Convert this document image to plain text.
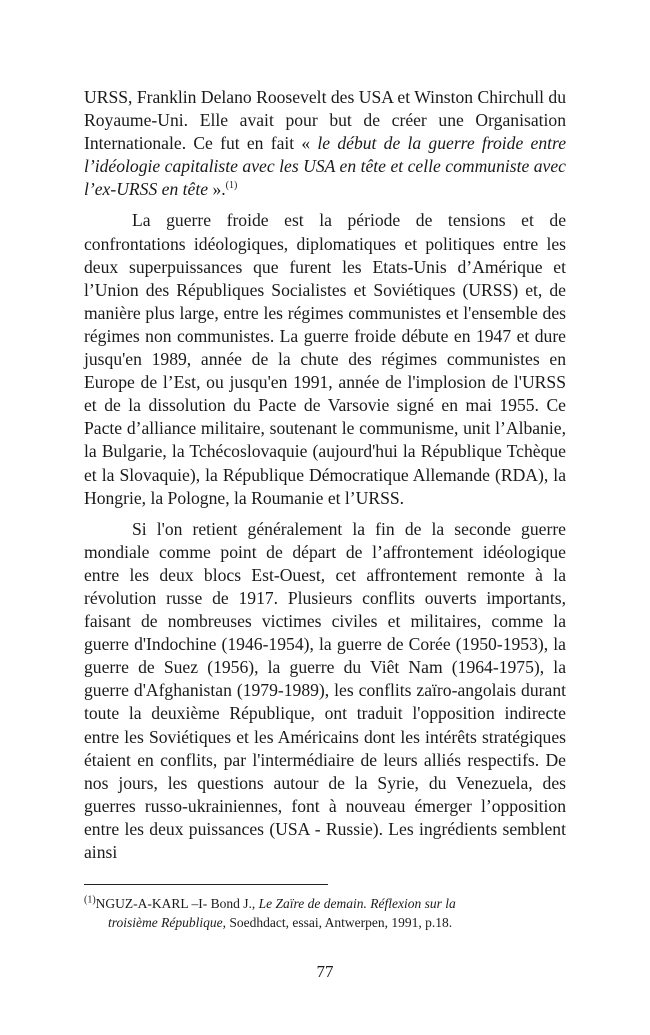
URSS, Franklin Delano Roosevelt des USA et Winston Chirchull du Royaume-Uni. Elle avait pour but de créer une Organisation Internationale. Ce fut en fait « le début de la guerre froide entre l’idéologie capitaliste avec les USA en tête et celle communiste avec l’ex-URSS en tête ».$^{(1)}$

La guerre froide est la période de tensions et de confrontations idéologiques, diplomatiques et politiques entre les deux superpuissances que furent les Etats-Unis d’Amérique et l’Union des Républiques Socialistes et Soviétiques (URSS) et, de manière plus large, entre les régimes communistes et l'ensemble des régimes non communistes. La guerre froide débute en 1947 et dure jusqu'en 1989, année de la chute des régimes communistes en Europe de l’Est, ou jusqu'en 1991, année de l'implosion de l'URSS et de la dissolution du Pacte de Varsovie signé en mai 1955. Ce Pacte d’alliance militaire, soutenant le communisme, unit l’Albanie, la Bulgarie, la Tchécoslovaquie (aujourd'hui la République Tchèque et la Slovaquie), la République Démocratique Allemande (RDA), la Hongrie, la Pologne, la Roumanie et l’URSS.

Si l'on retient généralement la fin de la seconde guerre mondiale comme point de départ de l’affrontement idéologique entre les deux blocs Est-Ouest, cet affrontement remonte à la révolution russe de 1917. Plusieurs conflits ouverts importants, faisant de nombreuses victimes civiles et militaires, comme la guerre d'Indochine (1946-1954), la guerre de Corée (1950-1953), la guerre de Suez (1956), la guerre du Viêt Nam (1964-1975), la guerre d'Afghanistan (1979-1989), les conflits zaïro-angolais durant toute la deuxième République, ont traduit l'opposition indirecte entre les Soviétiques et les Américains dont les intérêts stratégiques étaient en conflits, par l'intermédiaire de leurs alliés respectifs. De nos jours, les questions autour de la Syrie, du Venezuela, des guerres russo-ukrainiennes, font à nouveau émerger l’opposition entre les deux puissances (USA - Russie). Les ingrédients semblent ainsi

$^{(1)}$NGUZ-A-KARL –I- Bond J., Le Zaïre de demain. Réflexion sur la
troisième République, Soedhdact, essai, Antwerpen, 1991, p.18.

77
